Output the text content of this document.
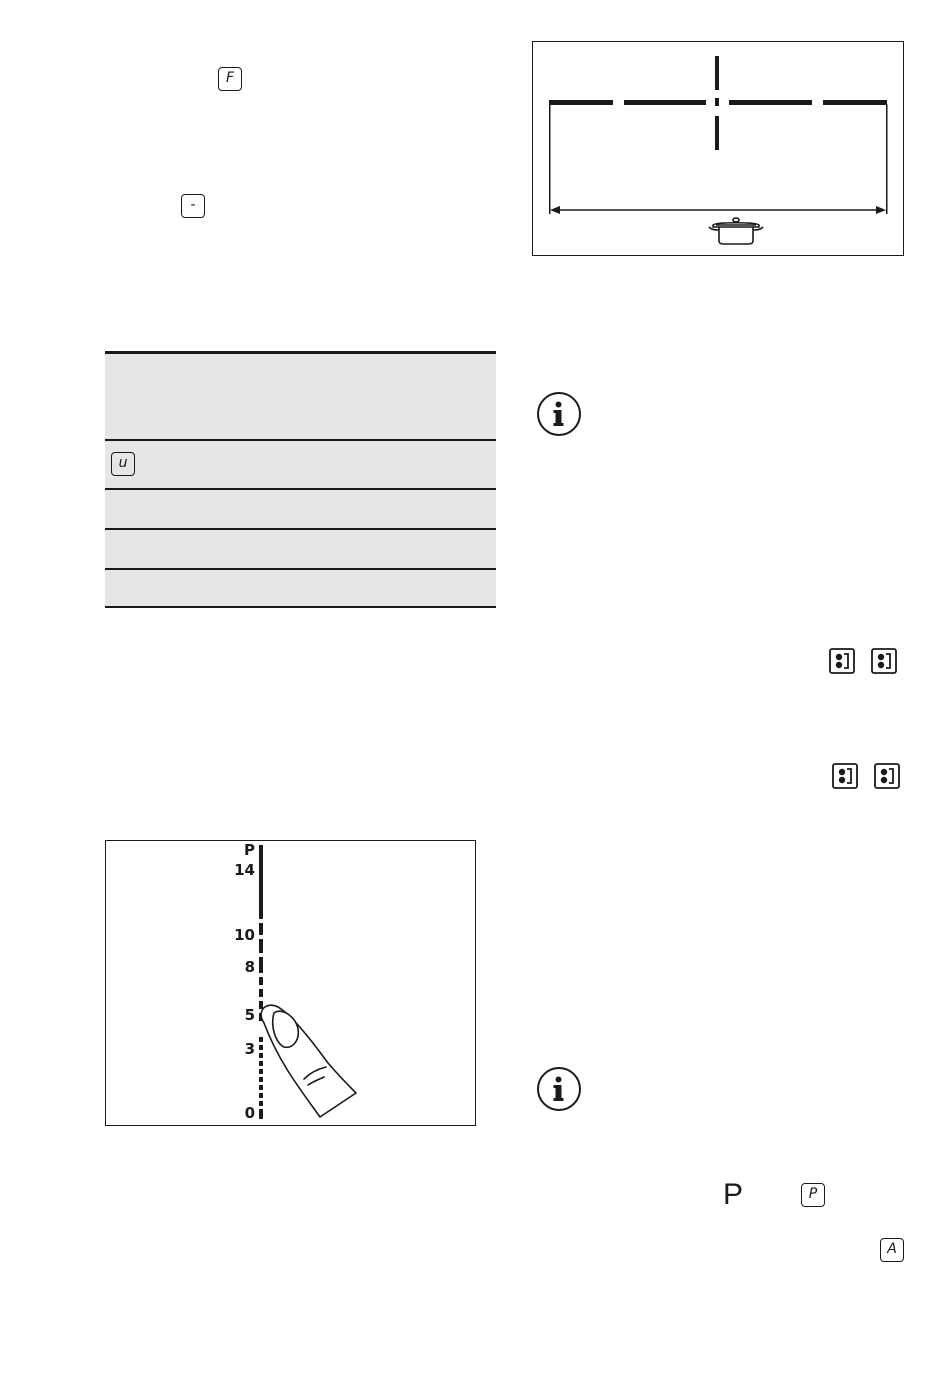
F
-
u
P
14
10
8
5
3
0
P	P
A
